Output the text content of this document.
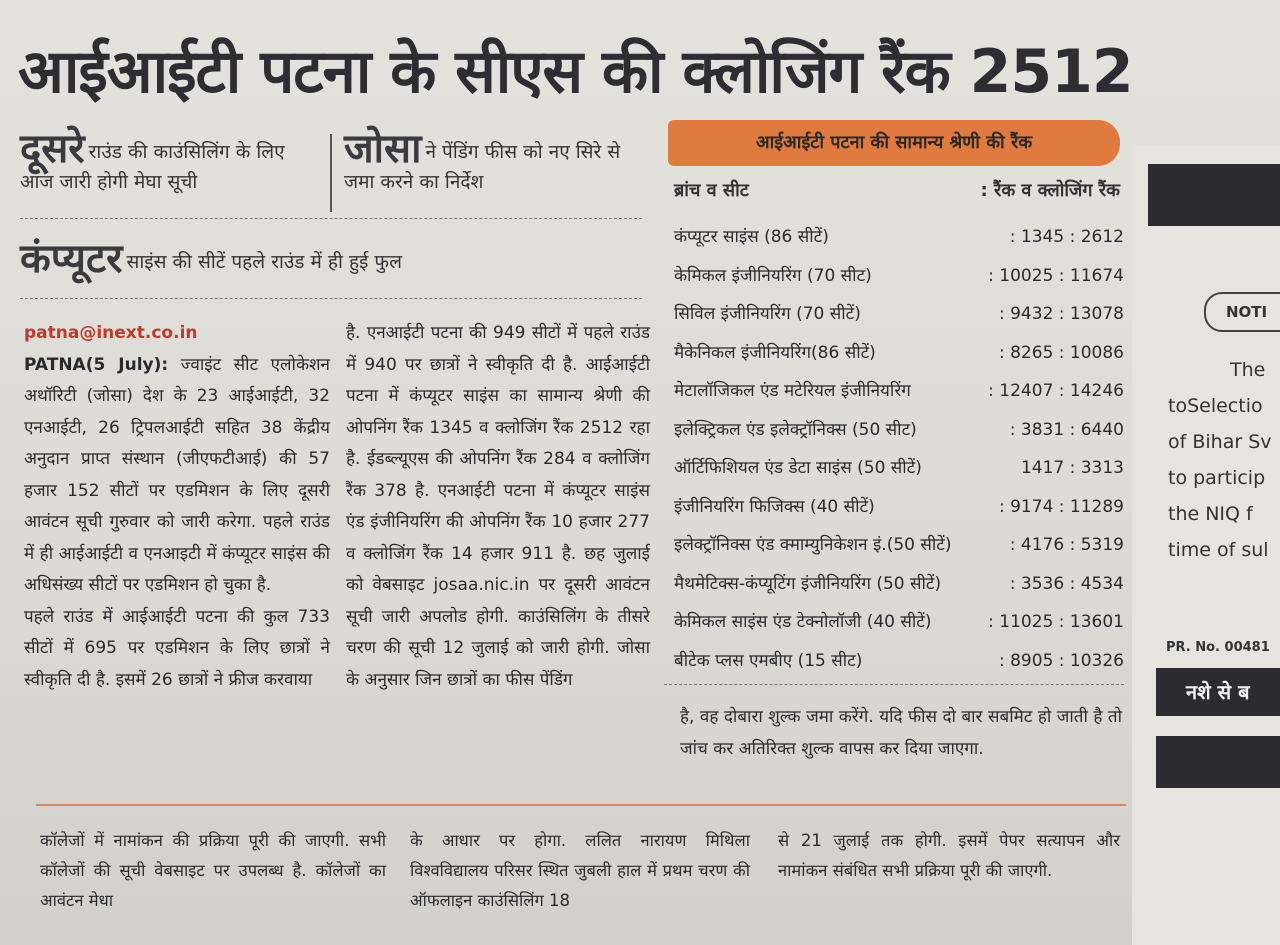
आईआईटी पटना के सीएस की क्लोजिंग रैंक 2512
दूसरे राउंड की काउंसिलिंग के लिए आज जारी होगी मेघा सूची
जोसा ने पेंडिंग फीस को नए सिरे से जमा करने का निर्देश
कंप्यूटर साइंस की सीटें पहले राउंड में ही हुई फुल

patna@inext.co.in

PATNA(5 July): ज्वाइंट सीट एलोकेशन अथॉरिटी (जोसा) देश के 23 आईआईटी, 32 एनआईटी, 26 ट्रिपलआईटी सहित 38 केंद्रीय अनुदान प्राप्त संस्थान (जीएफटीआई) की 57 हजार 152 सीटों पर एडमिशन के लिए दूसरी आवंटन सूची गुरुवार को जारी करेगा. पहले राउंड में ही आईआईटी व एनआइटी में कंप्यूटर साइंस की अधिसंख्य सीटों पर एडमिशन हो चुका है.

पहले राउंड में आईआईटी पटना की कुल 733 सीटों में 695 पर एडमिशन के लिए छात्रों ने स्वीकृति दी है. इसमें 26 छात्रों ने फ्रीज करवाया

है. एनआईटी पटना की 949 सीटों में पहले राउंड में 940 पर छात्रों ने स्वीकृति दी है. आईआईटी पटना में कंप्यूटर साइंस का सामान्य श्रेणी की ओपनिंग रैंक 1345 व क्लोजिंग रैंक 2512 रहा है. ईडब्ल्यूएस की ओपनिंग रैंक 284 व क्लोजिंग रैंक 378 है. एनआईटी पटना में कंप्यूटर साइंस एंड इंजीनियरिंग की ओपनिंग रैंक 10 हजार 277 व क्लोजिंग रैंक 14 हजार 911 है. छह जुलाई को वेबसाइट josaa.nic.in पर दूसरी आवंटन सूची जारी अपलोड होगी. काउंसिलिंग के तीसरे चरण की सूची 12 जुलाई को जारी होगी. जोसा के अनुसार जिन छात्रों का फीस पेंडिंग

आईआईटी पटना की सामान्य श्रेणी की रैंक
ब्रांच व सीट	: रैंक व क्लोजिंग रैंक
कंप्यूटर साइंस (86 सीटें)	: 1345 : 2612
केमिकल इंजीनियरिंग (70 सीट)	: 10025 : 11674
सिविल इंजीनियरिंग (70 सीटें)	: 9432 : 13078
मैकेनिकल इंजीनियरिंग(86 सीटें)	: 8265 : 10086
मेटालॉजिकल एंड मटेरियल इंजीनियरिंग	: 12407 : 14246
इलेक्ट्रिकल एंड इलेक्ट्रॉनिक्स (50 सीट)	: 3831 : 6440
ऑर्टिफिशियल एंड डेटा साइंस (50 सीटें)	1417 : 3313
इंजीनियरिंग फिजिक्स (40 सीटें)	: 9174 : 11289
इलेक्ट्रॉनिक्स एंड क्माम्युनिकेशन इं.(50 सीटें)	: 4176 : 5319
मैथमेटिक्स-कंप्यूटिंग इंजीनियरिंग (50 सीटें)	: 3536 : 4534
केमिकल साइंस एंड टेक्नोलॉजी (40 सीटें)	: 11025 : 13601
बीटेक प्लस एमबीए (15 सीट)	: 8905 : 10326

है, वह दोबारा शुल्क जमा करेंगे. यदि फीस दो बार सबमिट हो जाती है तो जांच कर अतिरिक्त शुल्क वापस कर दिया जाएगा.

कॉलेजों में नामांकन की प्रक्रिया पूरी की जाएगी. सभी कॉलेजों की सूची वेबसाइट पर उपलब्ध है. कॉलेजों का आवंटन मेधा
के आधार पर होगा. ललित नारायण मिथिला विश्वविद्यालय परिसर स्थित जुबली हाल में प्रथम चरण की ऑफलाइन काउंसिलिंग 18
से 21 जुलाई तक होगी. इसमें पेपर सत्यापन और नामांकन संबंधित सभी प्रक्रिया पूरी की जाएगी.
NOTI
The
toSelectio
of Bihar Sv
to particip
the NIQ f
time of sul
PR. No. 00481
नशे से ब
